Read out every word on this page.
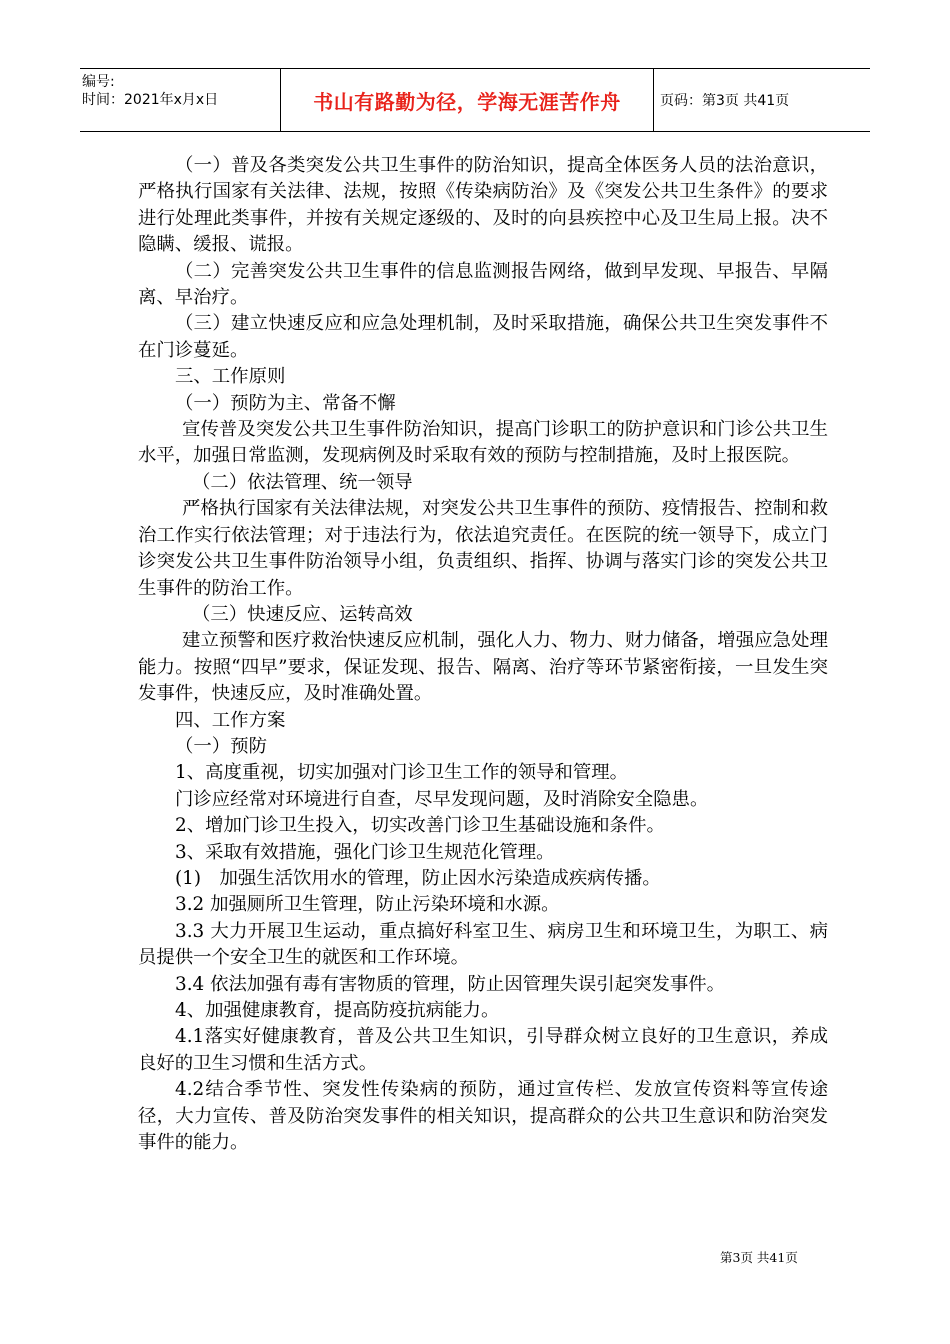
编号:
时间：2021年x月x日	书山有路勤为径，学海无涯苦作舟	页码：第3页 共41页

（一）普及各类突发公共卫生事件的防治知识，提高全体医务人员的法治意识，严格执行国家有关法律、法规，按照《传染病防治》及《突发公共卫生条件》的要求进行处理此类事件，并按有关规定逐级的、及时的向县疾控中心及卫生局上报。决不隐瞒、缓报、谎报。

（二）完善突发公共卫生事件的信息监测报告网络，做到早发现、早报告、早隔离、早治疗。

（三）建立快速反应和应急处理机制，及时采取措施，确保公共卫生突发事件不在门诊蔓延。

三、工作原则

（一）预防为主、常备不懈

宣传普及突发公共卫生事件防治知识，提高门诊职工的防护意识和门诊公共卫生水平，加强日常监测，发现病例及时采取有效的预防与控制措施，及时上报医院。

（二）依法管理、统一领导

严格执行国家有关法律法规，对突发公共卫生事件的预防、疫情报告、控制和救治工作实行依法管理；对于违法行为，依法追究责任。在医院的统一领导下，成立门诊突发公共卫生事件防治领导小组，负责组织、指挥、协调与落实门诊的突发公共卫生事件的防治工作。

（三）快速反应、运转高效

建立预警和医疗救治快速反应机制，强化人力、物力、财力储备，增强应急处理能力。按照“四早”要求，保证发现、报告、隔离、治疗等环节紧密衔接，一旦发生突发事件，快速反应，及时准确处置。

四、工作方案

（一）预防

1、高度重视，切实加强对门诊卫生工作的领导和管理。

门诊应经常对环境进行自查，尽早发现问题，及时消除安全隐患。

2、增加门诊卫生投入，切实改善门诊卫生基础设施和条件。

3、采取有效措施，强化门诊卫生规范化管理。

(1)　加强生活饮用水的管理，防止因水污染造成疾病传播。

3.2 加强厕所卫生管理，防止污染环境和水源。

3.3 大力开展卫生运动，重点搞好科室卫生、病房卫生和环境卫生，为职工、病员提供一个安全卫生的就医和工作环境。

3.4 依法加强有毒有害物质的管理，防止因管理失误引起突发事件。

4、加强健康教育，提高防疫抗病能力。

4.1落实好健康教育，普及公共卫生知识，引导群众树立良好的卫生意识，养成良好的卫生习惯和生活方式。

4.2结合季节性、突发性传染病的预防，通过宣传栏、发放宣传资料等宣传途径，大力宣传、普及防治突发事件的相关知识，提高群众的公共卫生意识和防治突发事件的能力。

第3页 共41页
